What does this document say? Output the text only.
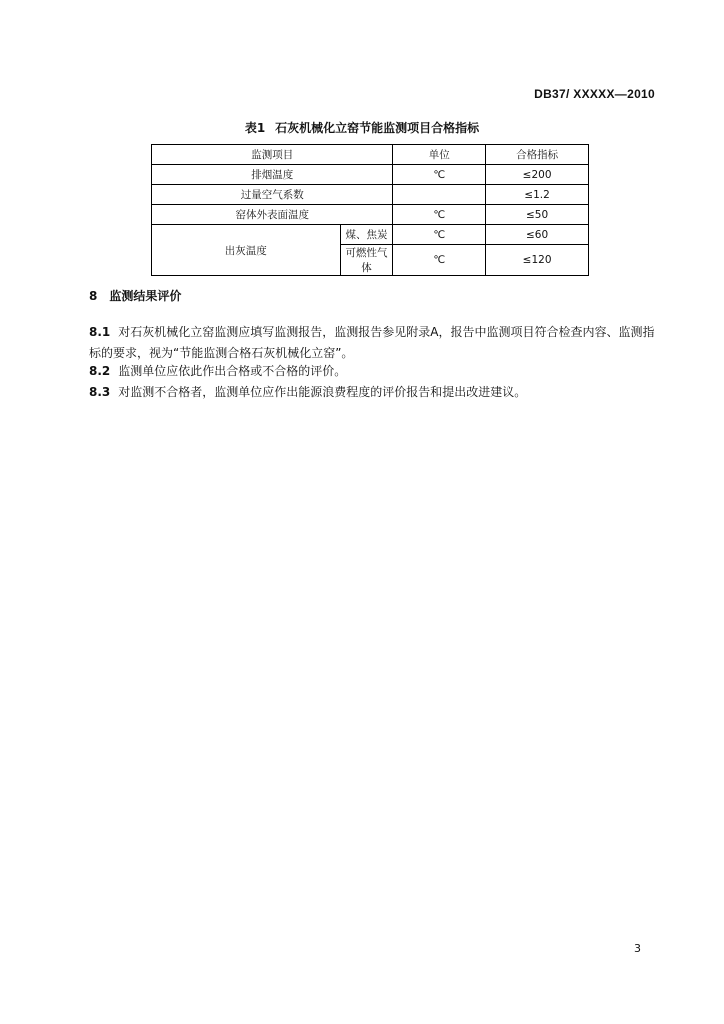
DB37/ XXXXX—2010
表1 石灰机械化立窑节能监测项目合格指标
监测项目		单位	合格指标
排烟温度		℃	≤200
过量空气系数			≤1.2
窑体外表面温度		℃	≤50
出灰温度	煤、焦炭	℃	≤60
	可燃性气体	℃	≤120
8 监测结果评价
8.1 对石灰机械化立窑监测应填写监测报告，监测报告参见附录A，报告中监测项目符合检查内容、监测指标的要求，视为“节能监测合格石灰机械化立窑”。
8.2 监测单位应依此作出合格或不合格的评价。
8.3 对监测不合格者，监测单位应作出能源浪费程度的评价报告和提出改进建议。
3
